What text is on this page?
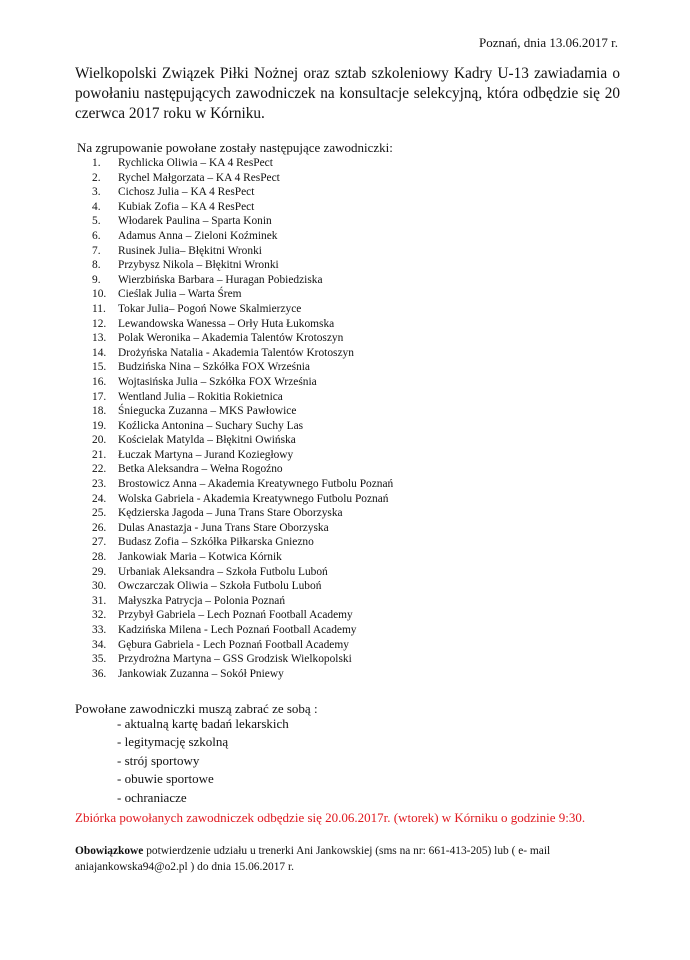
Poznań, dnia 13.06.2017 r.
Wielkopolski Związek Piłki Nożnej oraz sztab szkoleniowy Kadry U-13 zawiadamia o powołaniu następujących zawodniczek na konsultacje selekcyjną, która odbędzie się 20 czerwca 2017 roku w Kórniku.
Na zgrupowanie powołane zostały następujące zawodniczki:
1. Rychlicka Oliwia – KA 4 ResPect
2. Rychel Małgorzata – KA 4 ResPect
3. Cichosz Julia – KA 4 ResPect
4. Kubiak Zofia – KA 4 ResPect
5. Włodarek Paulina – Sparta Konin
6. Adamus Anna – Zieloni Koźminek
7. Rusinek Julia– Błękitni Wronki
8. Przybysz Nikola – Błękitni Wronki
9. Wierzbińska Barbara – Huragan Pobiedziska
10. Cieślak Julia – Warta Śrem
11. Tokar Julia– Pogoń Nowe Skalmierzyce
12. Lewandowska Wanessa – Orły Huta Łukomska
13. Polak Weronika – Akademia Talentów Krotoszyn
14. Drożyńska Natalia - Akademia Talentów Krotoszyn
15. Budzińska Nina – Szkółka FOX Września
16. Wojtasińska Julia – Szkółka FOX Września
17. Wentland Julia – Rokitia Rokietnica
18. Śniegucka Zuzanna – MKS Pawłowice
19. Koźlicka Antonina – Suchary Suchy Las
20. Kościelak Matylda – Błękitni Owińska
21. Łuczak Martyna – Jurand Koziegłowy
22. Betka Aleksandra – Wełna Rogoźno
23. Brostowicz Anna – Akademia Kreatywnego Futbolu Poznań
24. Wolska Gabriela - Akademia Kreatywnego Futbolu Poznań
25. Kędzierska Jagoda – Juna Trans Stare Oborzyska
26. Dulas Anastazja - Juna Trans Stare Oborzyska
27. Budasz Zofia – Szkółka Piłkarska Gniezno
28. Jankowiak Maria – Kotwica Kórnik
29. Urbaniak Aleksandra – Szkoła Futbolu Luboń
30. Owczarczak Oliwia – Szkoła Futbolu Luboń
31. Małyszka Patrycja – Polonia Poznań
32. Przybył Gabriela – Lech Poznań Football Academy
33. Kadzińska Milena - Lech Poznań Football Academy
34. Gębura Gabriela - Lech Poznań Football Academy
35. Przydrożna Martyna – GSS Grodzisk Wielkopolski
36. Jankowiak Zuzanna – Sokół Pniewy
Powołane zawodniczki muszą zabrać ze sobą :
- aktualną kartę badań lekarskich
- legitymację szkolną
- strój sportowy
- obuwie sportowe
- ochraniacze
Zbiórka powołanych zawodniczek odbędzie się 20.06.2017r. (wtorek) w Kórniku o godzinie 9:30.
Obowiązkowe potwierdzenie udziału u trenerki Ani Jankowskiej (sms na nr: 661-413-205) lub ( e- mail aniajankowska94@o2.pl ) do dnia 15.06.2017 r.
